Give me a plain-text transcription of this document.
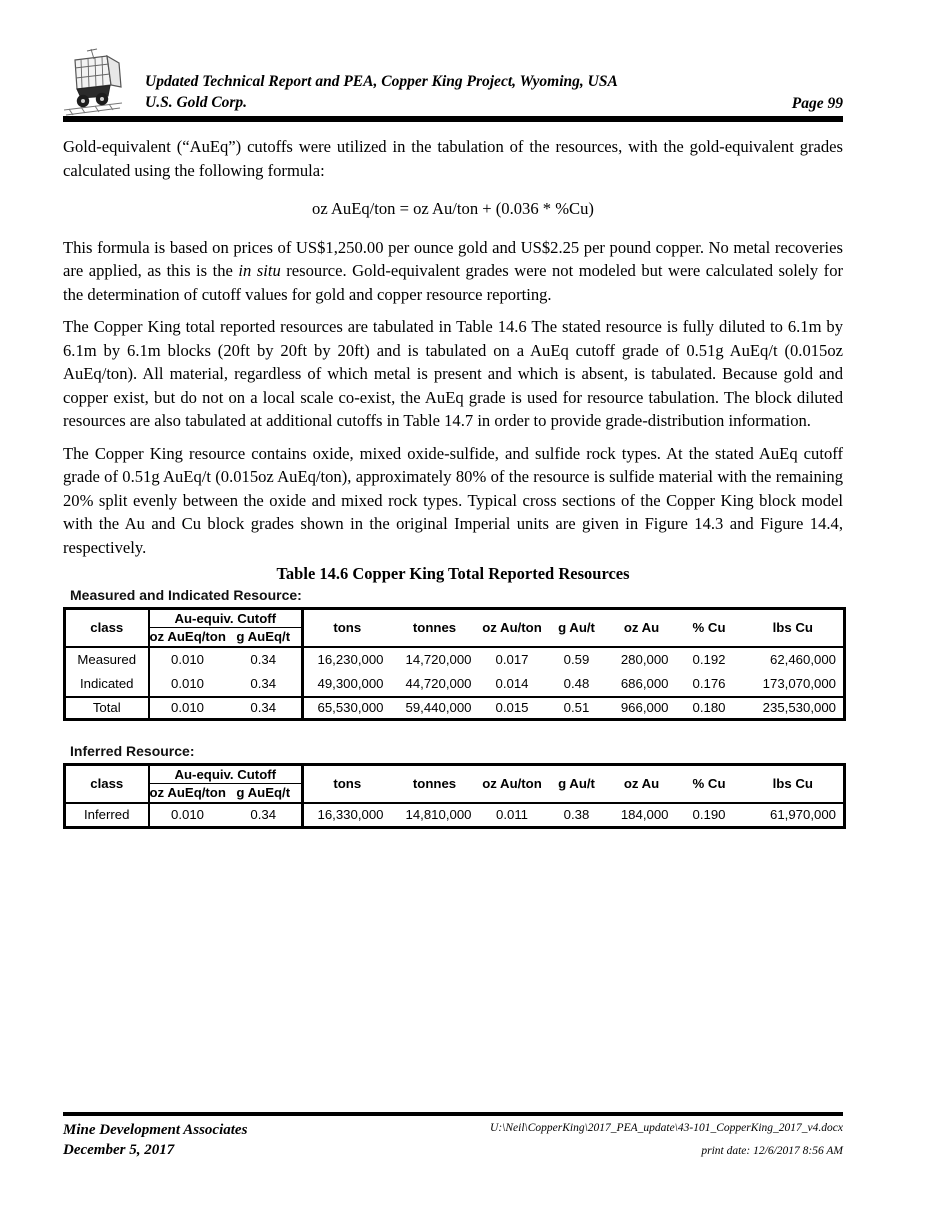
Updated Technical Report and PEA, Copper King Project, Wyoming, USA
U.S. Gold Corp.	Page 99

Gold-equivalent (“AuEq”) cutoffs were utilized in the tabulation of the resources, with the gold-equivalent grades calculated using the following formula:

oz AuEq/ton = oz Au/ton + (0.036 * %Cu)

This formula is based on prices of US$1,250.00 per ounce gold and US$2.25 per pound copper. No metal recoveries are applied, as this is the in situ resource. Gold-equivalent grades were not modeled but were calculated solely for the determination of cutoff values for gold and copper resource reporting.

The Copper King total reported resources are tabulated in Table 14.6 The stated resource is fully diluted to 6.1m by 6.1m by 6.1m blocks (20ft by 20ft by 20ft) and is tabulated on a AuEq cutoff grade of 0.51g AuEq/t (0.015oz AuEq/ton). All material, regardless of which metal is present and which is absent, is tabulated. Because gold and copper exist, but do not on a local scale co-exist, the AuEq grade is used for resource tabulation. The block diluted resources are also tabulated at additional cutoffs in Table 14.7 in order to provide grade-distribution information.

The Copper King resource contains oxide, mixed oxide-sulfide, and sulfide rock types. At the stated AuEq cutoff grade of 0.51g AuEq/t (0.015oz AuEq/ton), approximately 80% of the resource is sulfide material with the remaining 20% split evenly between the oxide and mixed rock types. Typical cross sections of the Copper King block model with the Au and Cu block grades shown in the original Imperial units are given in Figure 14.3 and Figure 14.4, respectively.

Table 14.6 Copper King Total Reported Resources
Measured and Indicated Resource:
class	Au-equiv. Cutoff		tons	tonnes	oz Au/ton	g Au/t	oz Au	% Cu	lbs Cu
	oz AuEq/ton	g AuEq/t							
Measured	0.010	0.34	16,230,000	14,720,000	0.017	0.59	280,000	0.192	62,460,000
Indicated	0.010	0.34	49,300,000	44,720,000	0.014	0.48	686,000	0.176	173,070,000
Total	0.010	0.34	65,530,000	59,440,000	0.015	0.51	966,000	0.180	235,530,000
Inferred Resource:
class	Au-equiv. Cutoff		tons	tonnes	oz Au/ton	g Au/t	oz Au	% Cu	lbs Cu
	oz AuEq/ton	g AuEq/t							
Inferred	0.010	0.34	16,330,000	14,810,000	0.011	0.38	184,000	0.190	61,970,000
Mine Development Associates
December 5, 2017
U:\Neil\CopperKing\2017_PEA_update\43-101_CopperKing_2017_v4.docx
print date: 12/6/2017 8:56 AM
